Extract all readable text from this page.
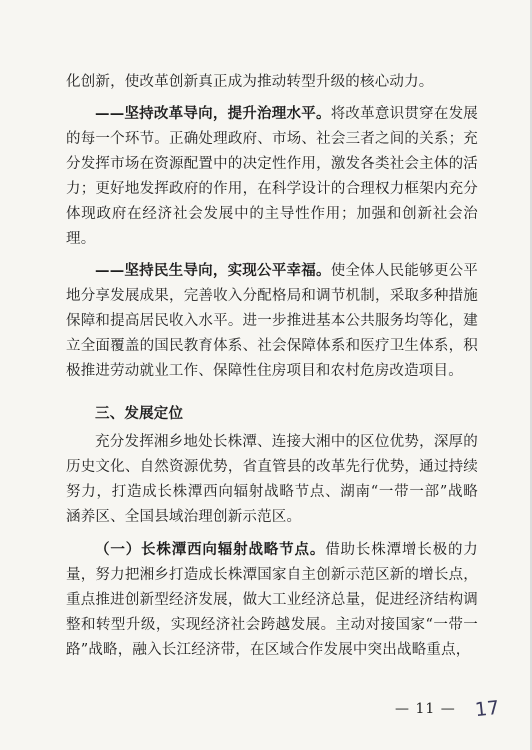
化创新，使改革创新真正成为推动转型升级的核心动力。
——坚持改革导向，提升治理水平。将改革意识贯穿在发展的每一个环节。正确处理政府、市场、社会三者之间的关系；充分发挥市场在资源配置中的决定性作用，激发各类社会主体的活力；更好地发挥政府的作用，在科学设计的合理权力框架内充分体现政府在经济社会发展中的主导性作用；加强和创新社会治理。
——坚持民生导向，实现公平幸福。使全体人民能够更公平地分享发展成果，完善收入分配格局和调节机制，采取多种措施保障和提高居民收入水平。进一步推进基本公共服务均等化，建立全面覆盖的国民教育体系、社会保障体系和医疗卫生体系，积极推进劳动就业工作、保障性住房项目和农村危房改造项目。
三、发展定位
充分发挥湘乡地处长株潭、连接大湘中的区位优势，深厚的历史文化、自然资源优势，省直管县的改革先行优势，通过持续努力，打造成长株潭西向辐射战略节点、湖南“一带一部”战略涵养区、全国县域治理创新示范区。
（一）长株潭西向辐射战略节点。借助长株潭增长极的力量，努力把湘乡打造成长株潭国家自主创新示范区新的增长点，重点推进创新型经济发展，做大工业经济总量，促进经济结构调整和转型升级，实现经济社会跨越发展。主动对接国家“一带一路”战略，融入长江经济带，在区域合作发展中突出战略重点，
— 11 — 17
